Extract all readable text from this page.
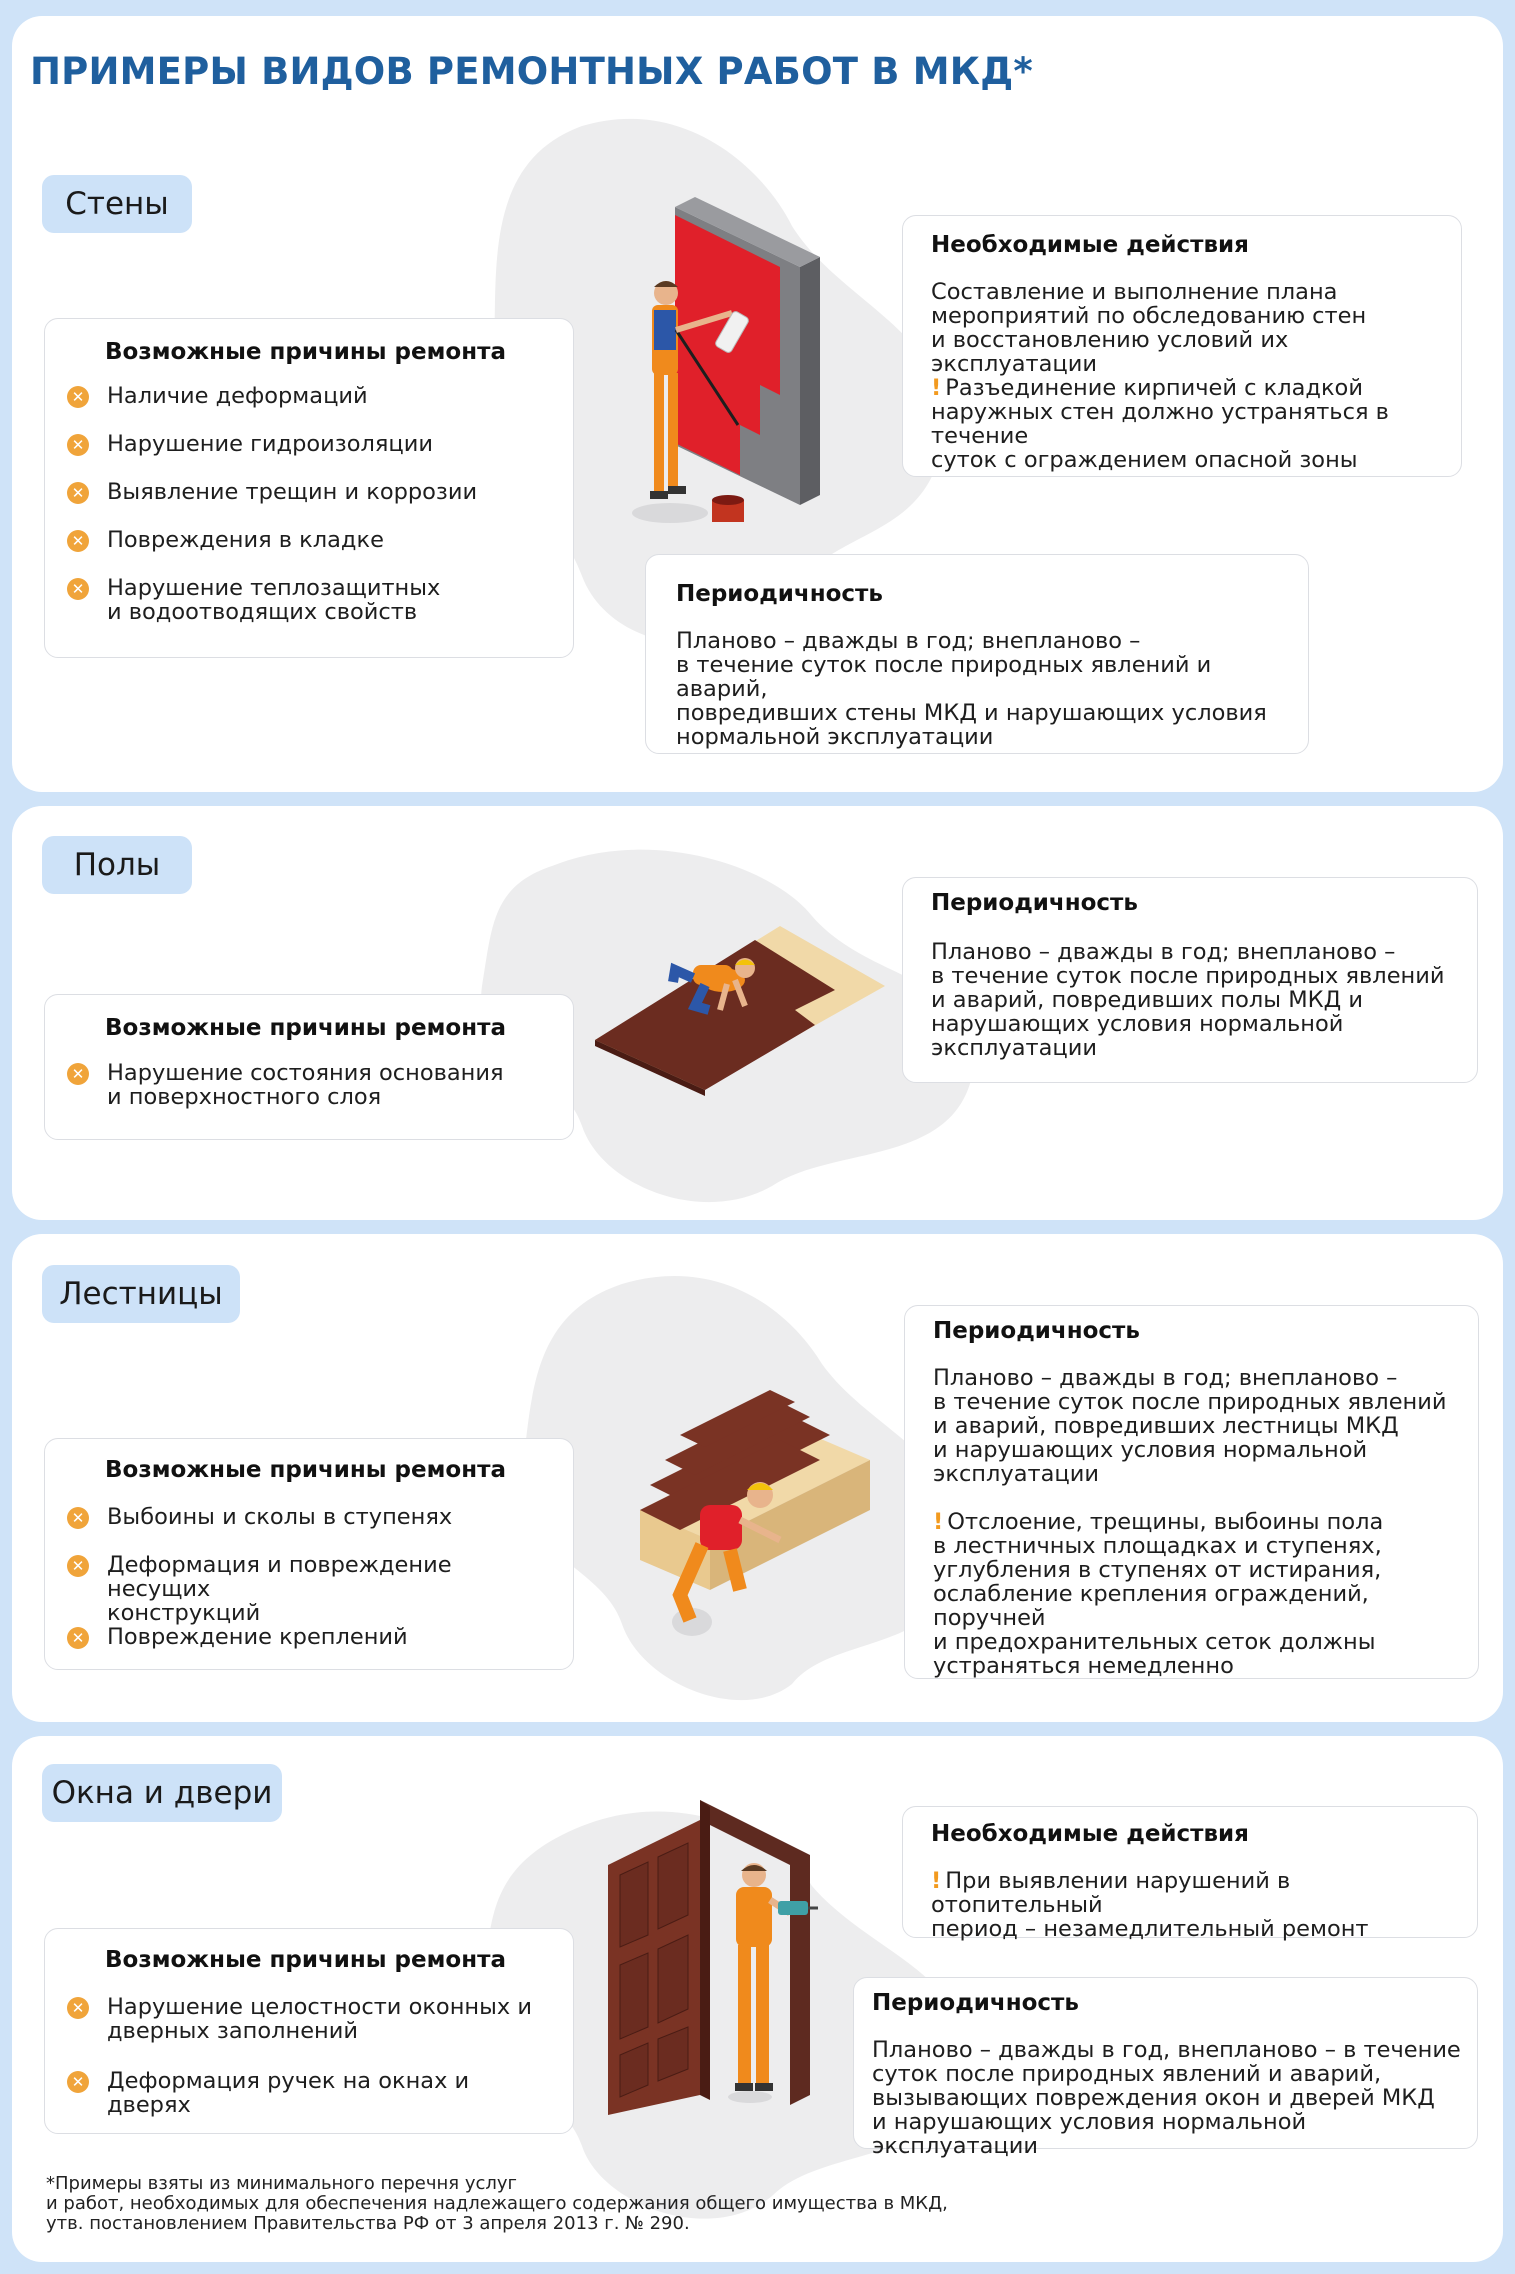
ПРИМЕРЫ ВИДОВ РЕМОНТНЫХ РАБОТ В МКД*
Стены
Возможные причины ремонта
✕ Наличие деформаций
✕ Нарушение гидроизоляции
✕ Выявление трещин и коррозии
✕ Повреждения в кладке
✕ Нарушение теплозащитных
и водоотводящих свойств
Необходимые действия
Составление и выполнение плана
мероприятий по обследованию стен
и восстановлению условий их эксплуатации
! Разъединение кирпичей с кладкой
наружных стен должно устраняться в течение
суток с ограждением опасной зоны
Периодичность
Планово – дважды в год; внепланово –
в течение суток после природных явлений и аварий,
повредивших стены МКД и нарушающих условия
нормальной эксплуатации
Полы
Возможные причины ремонта
✕ Нарушение состояния основания
и поверхностного слоя
Периодичность
Планово – дважды в год; внепланово –
в течение суток после природных явлений
и аварий, повредивших полы МКД и
нарушающих условия нормальной
эксплуатации
Лестницы
Возможные причины ремонта
✕ Выбоины и сколы в ступенях
✕ Деформация и повреждение несущих
конструкций
✕ Повреждение креплений
Периодичность
Планово – дважды в год; внепланово –
в течение суток после природных явлений
и аварий, повредивших лестницы МКД
и нарушающих условия нормальной
эксплуатации
! Отслоение, трещины, выбоины пола
в лестничных площадках и ступенях,
углубления в ступенях от истирания,
ослабление крепления ограждений, поручней
и предохранительных сеток должны
устраняться немедленно
Окна и двери
Возможные причины ремонта
✕ Нарушение целостности оконных и
дверных заполнений
✕ Деформация ручек на окнах и дверях
Необходимые действия
! При выявлении нарушений в отопительный
период – незамедлительный ремонт
Периодичность
Планово – дважды в год, внепланово – в течение
суток после природных явлений и аварий,
вызывающих повреждения окон и дверей МКД
и нарушающих условия нормальной эксплуатации
*Примеры взяты из минимального перечня услуг
и работ, необходимых для обеспечения надлежащего содержания общего имущества в МКД,
утв. постановлением Правительства РФ от 3 апреля 2013 г. № 290.
